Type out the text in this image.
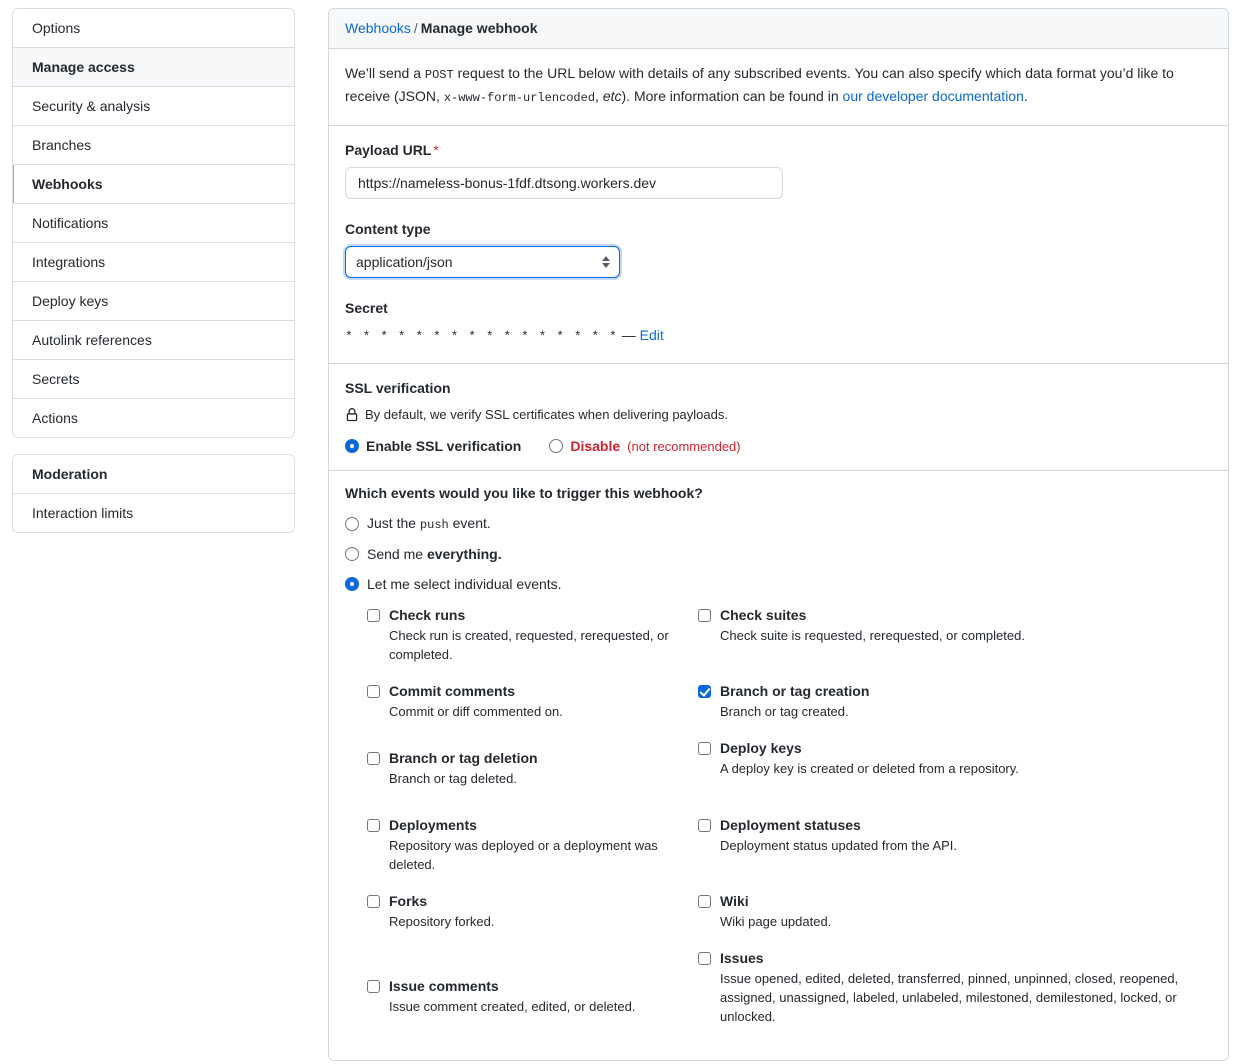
Options
Manage access
Security & analysis
Branches
Webhooks
Notifications
Integrations
Deploy keys
Autolink references
Secrets
Actions
Moderation
Interaction limits
Webhooks / Manage webhook
We’ll send a POST request to the URL below with details of any subscribed events. You can also specify which data format you’d like to receive (JSON, x-www-form-urlencoded, etc). More information can be found in our developer documentation.
Payload URL *
https://nameless-bonus-1fdf.dtsong.workers.dev
Content type
application/json
Secret
* * * * * * * * * * * * * * * * — Edit
SSL verification
By default, we verify SSL certificates when delivering payloads.
Enable SSL verification	Disable (not recommended)
Which events would you like to trigger this webhook?
Just the push event.
Send me everything.
Let me select individual events.
Check runs
Check run is created, requested, rerequested, or completed.
Check suites
Check suite is requested, rerequested, or completed.
Commit comments
Commit or diff commented on.
Branch or tag creation
Branch or tag created.
Branch or tag deletion
Branch or tag deleted.
Deploy keys
A deploy key is created or deleted from a repository.
Deployments
Repository was deployed or a deployment was deleted.
Deployment statuses
Deployment status updated from the API.
Forks
Repository forked.
Wiki
Wiki page updated.
Issue comments
Issue comment created, edited, or deleted.
Issues
Issue opened, edited, deleted, transferred, pinned, unpinned, closed, reopened, assigned, unassigned, labeled, unlabeled, milestoned, demilestoned, locked, or unlocked.
